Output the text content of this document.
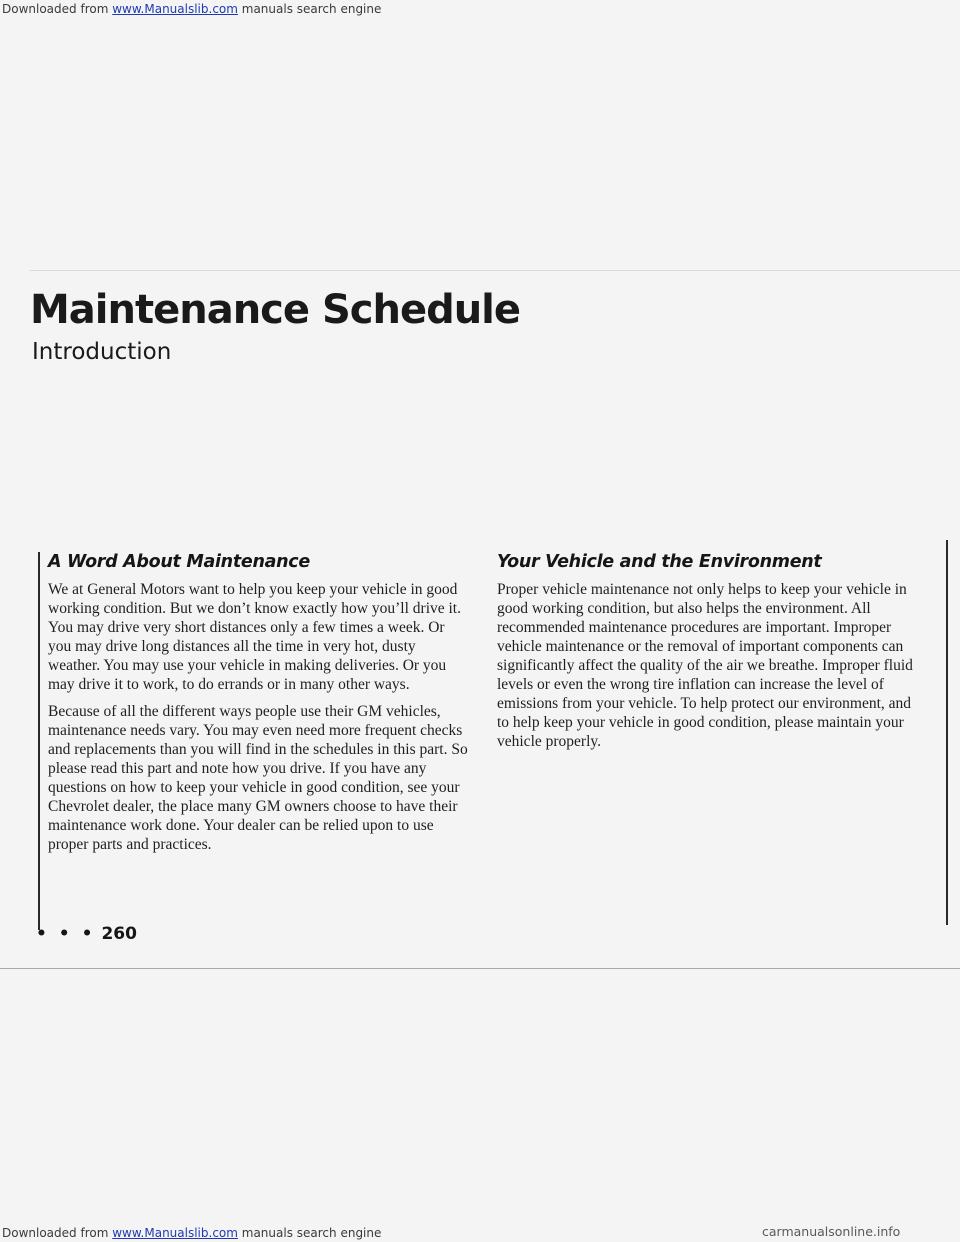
Downloaded from www.Manualslib.com manuals search engine
Maintenance Schedule
Introduction
A Word About Maintenance

We at General Motors want to help you keep your vehicle in good working condition. But we don’t know exactly how you’ll drive it. You may drive very short distances only a few times a week. Or you may drive long distances all the time in very hot, dusty weather. You may use your vehicle in making deliveries. Or you may drive it to work, to do errands or in many other ways.

Because of all the different ways people use their GM vehicles, maintenance needs vary. You may even need more frequent checks and replacements than you will find in the schedules in this part. So please read this part and note how you drive. If you have any questions on how to keep your vehicle in good condition, see your Chevrolet dealer, the place many GM owners choose to have their maintenance work done. Your dealer can be relied upon to use proper parts and practices.

Your Vehicle and the Environment

Proper vehicle maintenance not only helps to keep your vehicle in good working condition, but also helps the environment. All recommended maintenance procedures are important. Improper vehicle maintenance or the removal of important components can significantly affect the quality of the air we breathe. Improper fluid levels or even the wrong tire inflation can increase the level of emissions from your vehicle. To help protect our environment, and to help keep your vehicle in good condition, please maintain your vehicle properly.

• • • 260
Downloaded from www.Manualslib.com manuals search engine	carmanualsonline.info
